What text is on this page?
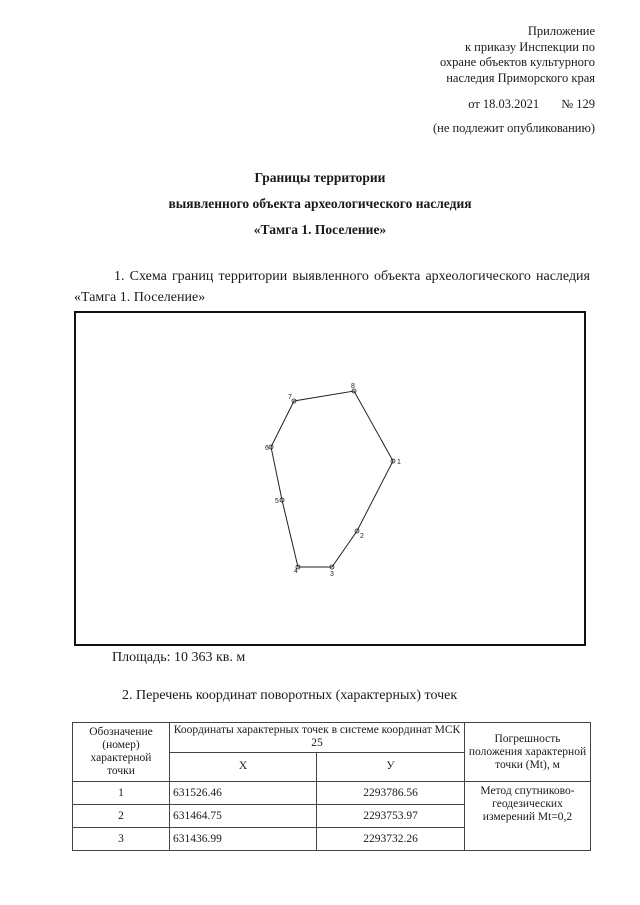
Приложение
к приказу Инспекции по
охране объектов культурного
наследия Приморского края
от 18.03.2021 № 129
(не подлежит опубликованию)
Границы территории
выявленного объекта археологического наследия
«Тамга 1. Поселение»
1. Схема границ территории выявленного объекта археологического наследия «Тамга 1. Поселение»
1
2
3
4
5
6
7
8
Площадь: 10 363 кв. м
2. Перечень координат поворотных (характерных) точек
Обозначение (номер) характерной точки	Координаты характерных точек в системе координат МСК 25		Погрешность положения характерной точки (Mt), м
	Х	У	
1	631526.46	2293786.56	Метод спутниково-геодезических измерений Mt=0,2
2	631464.75	2293753.97	
3	631436.99	2293732.26	
